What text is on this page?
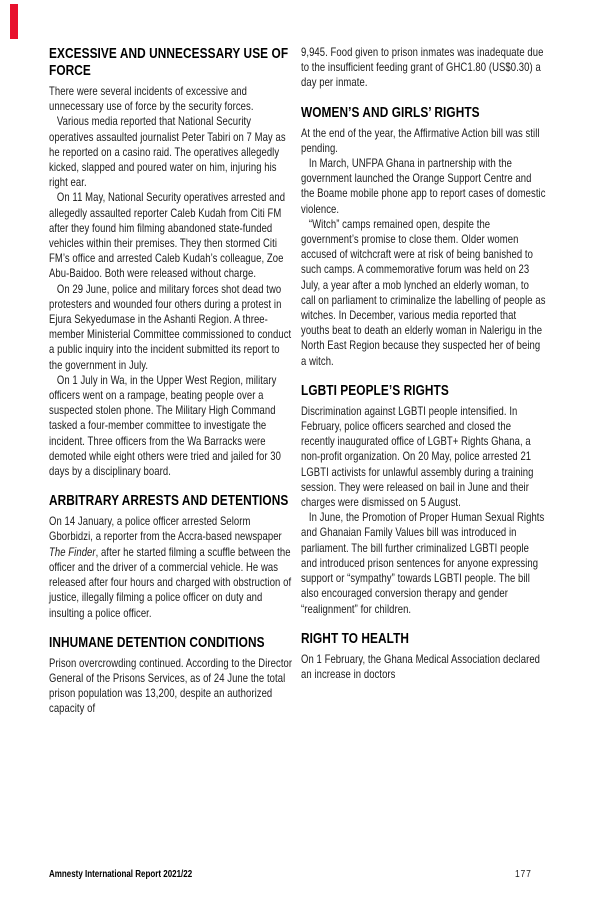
EXCESSIVE AND UNNECESSARY USE OF FORCE

There were several incidents of excessive and unnecessary use of force by the security forces.

Various media reported that National Security operatives assaulted journalist Peter Tabiri on 7 May as he reported on a casino raid. The operatives allegedly kicked, slapped and poured water on him, injuring his right ear.

On 11 May, National Security operatives arrested and allegedly assaulted reporter Caleb Kudah from Citi FM after they found him filming abandoned state-funded vehicles within their premises. They then stormed Citi FM’s office and arrested Caleb Kudah’s colleague, Zoe Abu-Baidoo. Both were released without charge.

On 29 June, police and military forces shot dead two protesters and wounded four others during a protest in Ejura Sekyedumase in the Ashanti Region. A three-member Ministerial Committee commissioned to conduct a public inquiry into the incident submitted its report to the government in July.

On 1 July in Wa, in the Upper West Region, military officers went on a rampage, beating people over a suspected stolen phone. The Military High Command tasked a four-member committee to investigate the incident. Three officers from the Wa Barracks were demoted while eight others were tried and jailed for 30 days by a disciplinary board.

ARBITRARY ARRESTS AND DETENTIONS

On 14 January, a police officer arrested Selorm Gborbidzi, a reporter from the Accra-based newspaper The Finder, after he started filming a scuffle between the officer and the driver of a commercial vehicle. He was released after four hours and charged with obstruction of justice, illegally filming a police officer on duty and insulting a police officer.

INHUMANE DETENTION CONDITIONS

Prison overcrowding continued. According to the Director General of the Prisons Services, as of 24 June the total prison population was 13,200, despite an authorized capacity of

9,945. Food given to prison inmates was inadequate due to the insufficient feeding grant of GHC1.80 (US$0.30) a day per inmate.

WOMEN’S AND GIRLS’ RIGHTS

At the end of the year, the Affirmative Action bill was still pending.

In March, UNFPA Ghana in partnership with the government launched the Orange Support Centre and the Boame mobile phone app to report cases of domestic violence.

“Witch” camps remained open, despite the government’s promise to close them. Older women accused of witchcraft were at risk of being banished to such camps. A commemorative forum was held on 23 July, a year after a mob lynched an elderly woman, to call on parliament to criminalize the labelling of people as witches. In December, various media reported that youths beat to death an elderly woman in Nalerigu in the North East Region because they suspected her of being a witch.

LGBTI PEOPLE’S RIGHTS

Discrimination against LGBTI people intensified. In February, police officers searched and closed the recently inaugurated office of LGBT+ Rights Ghana, a non-profit organization. On 20 May, police arrested 21 LGBTI activists for unlawful assembly during a training session. They were released on bail in June and their charges were dismissed on 5 August.

In June, the Promotion of Proper Human Sexual Rights and Ghanaian Family Values bill was introduced in parliament. The bill further criminalized LGBTI people and introduced prison sentences for anyone expressing support or “sympathy” towards LGBTI people. The bill also encouraged conversion therapy and gender “realignment” for children.

RIGHT TO HEALTH

On 1 February, the Ghana Medical Association declared an increase in doctors

Amnesty International Report 2021/22	177
